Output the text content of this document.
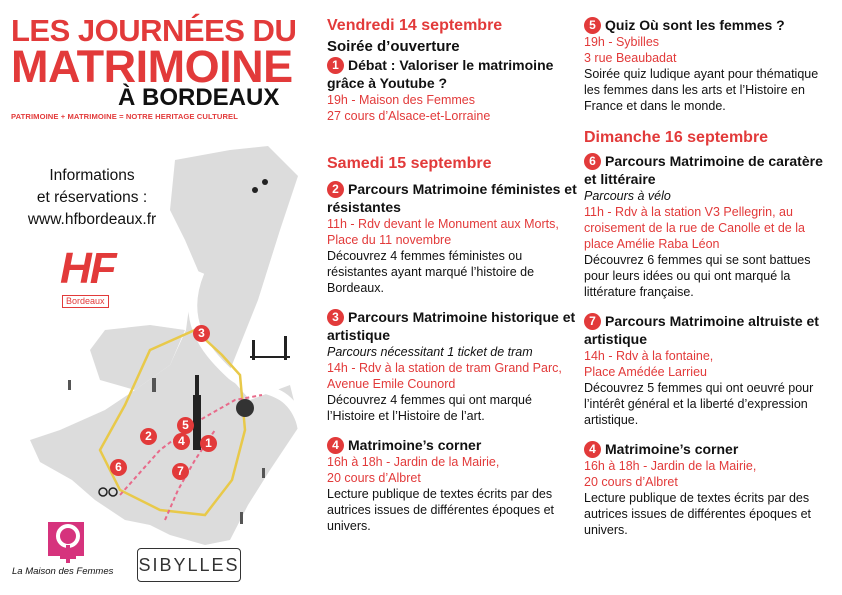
LES JOURNÉES DU
MATRIMOINE
À BORDEAUX
PATRIMOINE + MATRIMOINE = NOTRE HERITAGE CULTUREL
Informations
et réservations :
www.hfbordeaux.fr
HF
Bordeaux
3
2
5
4	1
6	7
La Maison des Femmes SIBYLLES
Vendredi 14 septembre
Soirée d’ouverture
1 Débat : Valoriser le matrimoine grâce à Youtube ?
19h - Maison des Femmes
27 cours d’Alsace-et-Lorraine
Samedi 15 septembre
2 Parcours Matrimoine féministes et résistantes
11h - Rdv devant le Monument aux Morts, Place du 11 novembre
Découvrez 4 femmes féministes ou résistantes ayant marqué l’histoire de Bordeaux.
3 Parcours Matrimoine historique et artistique
Parcours nécessitant 1 ticket de tram
14h - Rdv à la station de tram Grand Parc, Avenue Emile Counord
Découvrez 4 femmes qui ont marqué l’Histoire et l’Histoire de l’art.
4 Matrimoine’s corner
16h à 18h - Jardin de la Mairie,
20 cours d’Albret
Lecture publique de textes écrits par des autrices issues de différentes époques et univers.
5 Quiz Où sont les femmes ?
19h - Sybilles
3 rue Beaubadat
Soirée quiz ludique ayant pour thématique les femmes dans les arts et l’Histoire en France et dans le monde.
Dimanche 16 septembre
6 Parcours Matrimoine de caratère et littéraire
Parcours à vélo
11h - Rdv à la station V3 Pellegrin, au croisement de la rue de Canolle et de la place Amélie Raba Léon
Découvrez 6 femmes qui se sont battues pour leurs idées ou qui ont marqué la littérature française.
7 Parcours Matrimoine altruiste et artistique
14h - Rdv à la fontaine,
Place Amédée Larrieu
Découvrez 5 femmes qui ont oeuvré pour l’intérêt général et la liberté d’expression artistique.
4 Matrimoine’s corner
16h à 18h - Jardin de la Mairie,
20 cours d’Albret
Lecture publique de textes écrits par des autrices issues de différentes époques et univers.
